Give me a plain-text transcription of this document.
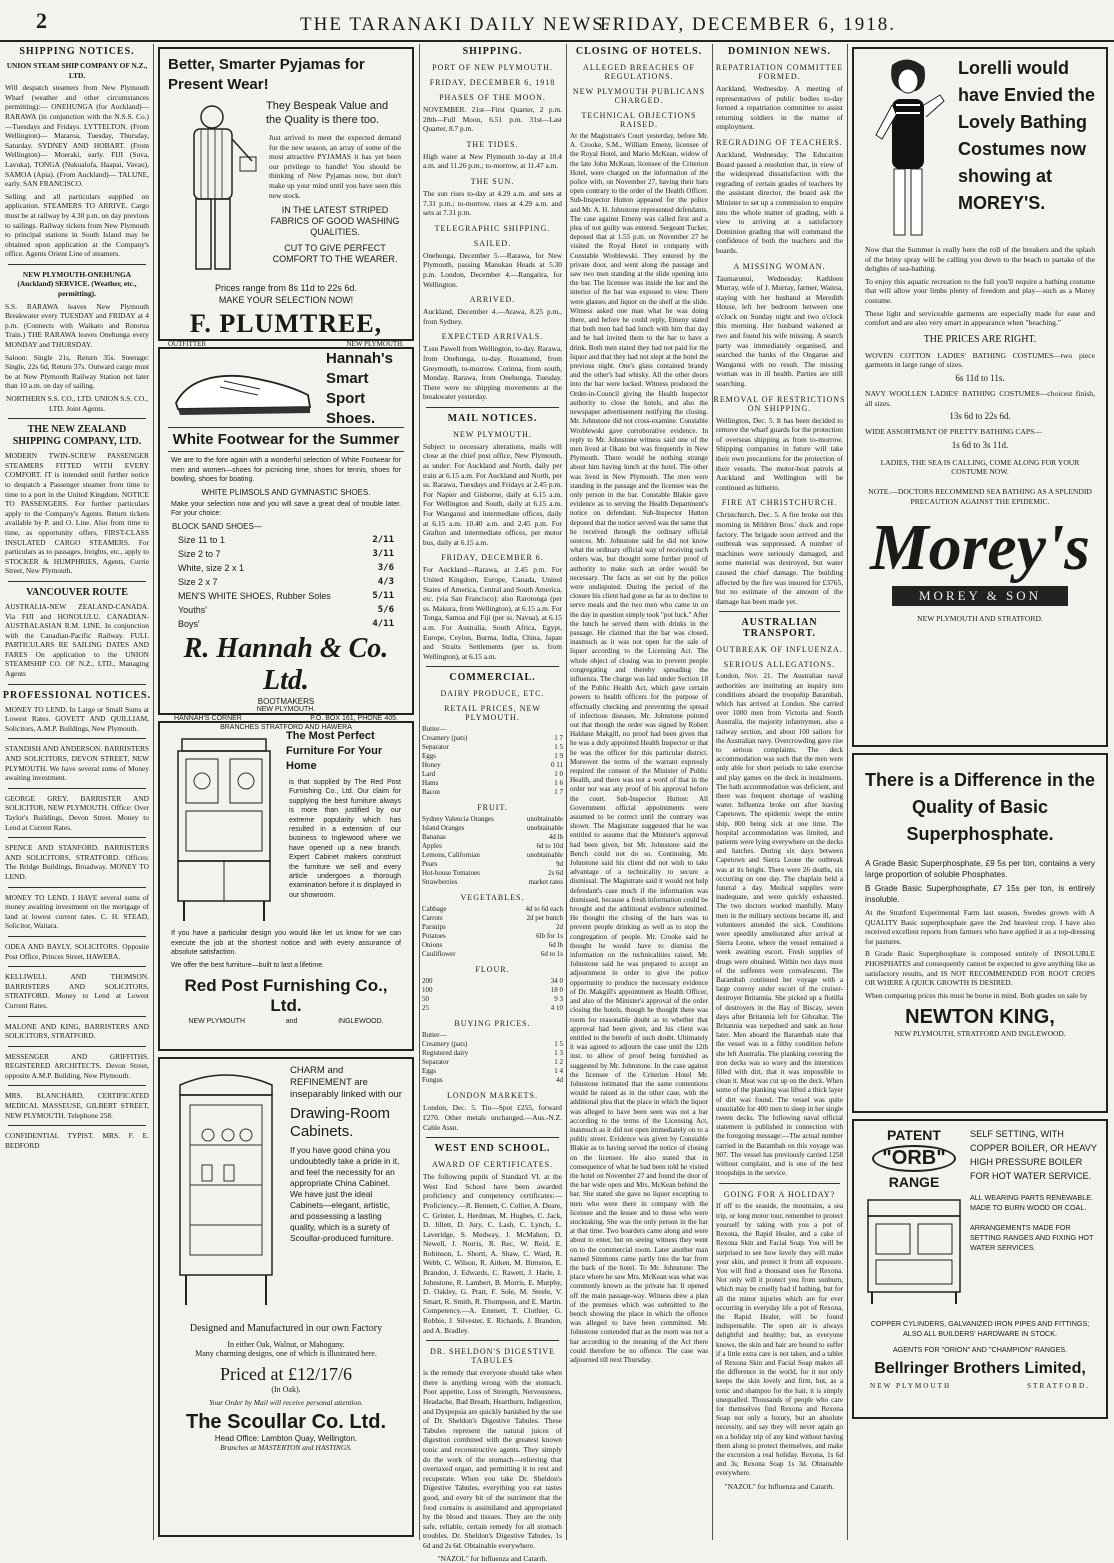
2	THE TARANAKI DAILY NEWS.
FRIDAY, DECEMBER 6, 1918.
SHIPPING NOTICES.
UNION STEAM SHIP COMPANY OF N.Z., LTD.
Will despatch steamers from New Plymouth Wharf (weather and other circumstances permitting):— ONEHUNGA (for Auckland)— RARAWA (in conjunction with the N.S.S. Co.)—Tuesdays and Fridays. LYTTELTON. (From Wellington)— Mararoa, Tuesday, Thursday, Saturday. SYDNEY AND HOBART. (From Wellington)— Moeraki, early. FIJI (Suva, Lavuka), TONGA (Nukualofa, Haapai, Vavau), SAMOA (Apia). (From Auckland)— TALUNE, early. SAN FRANCISCO.
Selling and all particulars supplied on application. STEAMERS TO ARRIVE. Cargo must be at railway by 4.30 p.m. on day previous to sailings. Railway tickets from New Plymouth to principal stations in South Island may be obtained upon application at the Company's office. Agents Orient Line of steamers.
NEW PLYMOUTH-ONEHUNGA (Auckland) SERVICE. (Weather, etc., permitting).
S.S. RARAWA leaves New Plymouth Breakwater every TUESDAY and FRIDAY at 4 p.m. (Connects with Waikato and Rotorua Train.) THE RARAWA leaves Onehunga every MONDAY and THURSDAY.
Saloon: Single 21s, Return 35s. Steerage: Single, 22s 6d, Return 37s. Outward cargo must be at New Plymouth Railway Station not later than 10 a.m. on day of sailing.
NORTHERN S.S. CO., LTD. UNION S.S. CO., LTD. Joint Agents.
THE NEW ZEALAND SHIPPING COMPANY, LTD.
MODERN TWIN-SCREW PASSENGER STEAMERS FITTED WITH EVERY COMFORT. IT is intended until further notice to despatch a Passenger steamer from time to time to a port in the United Kingdom. NOTICE TO PASSENGERS. For further particulars apply to the Company's Agents. Return tickets available by P. and O. Line. Also from time to time, as opportunity offers, FIRST-CLASS INSULATED CARGO STEAMERS. For particulars as to passages, freights, etc., apply to STOCKER & HUMPHRIES, Agents, Currie Street, New Plymouth.
VANCOUVER ROUTE
AUSTRALIA-NEW ZEALAND-CANADA. Via FIJI and HONOLULU. CANADIAN-AUSTRALASIAN R.M. LINE. In conjunction with the Canadian-Pacific Railway. FULL PARTICULARS RE SAILING DATES AND FARES On application to the UNION STEAMSHIP CO. OF N.Z., LTD., Managing Agents
PROFESSIONAL NOTICES.
MONEY TO LEND. In Large or Small Sums at Lowest Rates. GOVETT AND QUILLIAM, Solicitors, A.M.P. Buildings, New Plymouth.
STANDISH AND ANDERSON. BARRISTERS AND SOLICITORS, DEVON STREET, NEW PLYMOUTH. We have several sums of Money awaiting investment.
GEORGE GREY, BARRISTER AND SOLICITOR, NEW PLYMOUTH. Office: Over Taylor's Buildings, Devon Street. Money to Lend at Current Rates.
SPENCE AND STANFORD. BARRISTERS AND SOLICITORS, STRATFORD. Offices: The Bridge Buildings, Broadway. MONEY TO LEND.
MONEY TO LEND. I HAVE several sums of money awaiting investment on the mortgage of land at lowest current rates. C. H. STEAD, Solicitor, Waitara.
ODEA AND BAYLY, SOLICITORS. Opposite Post Office, Princes Street, HAWERA.
KELLIWELL AND THOMSON. BARRISTERS AND SOLICITORS, STRATFORD. Money to Lend at Lowest Current Rates.
MALONE AND KING, BARRISTERS AND SOLICITORS, STRATFORD.
MESSENGER AND GRIFFITHS. REGISTERED ARCHITECTS. Devon Street, opposite A.M.P. Building, New Plymouth.
MRS. BLANCHARD, CERTIFICATED MEDICAL MASSEUSE, GILBERT STREET, NEW PLYMOUTH. Telephone 258.
CONFIDENTIAL TYPIST. MRS. F. E. BEDFORD
Better, Smarter Pyjamas for Present Wear!
They Bespeak Value and the Quality is there too.
Just arrived to meet the expected demand for the new season, an array of some of the most attractive PYJAMAS it has yet been our privilege to handle! You should be thinking of New Pyjamas now, but don't make up your mind until you have seen this new stock.
IN THE LATEST STRIPED FABRICS OF GOOD WASHING QUALITIES.
CUT TO GIVE PERFECT COMFORT TO THE WEARER.
Prices range from 8s 11d to 22s 6d.
MAKE YOUR SELECTION NOW!
F. PLUMTREE,
OUTFITTER	NEW PLYMOUTH.
Hannah's Smart Sport Shoes.
White Footwear for the Summer
We are to the fore again with a wonderful selection of White Footwear for men and women—shoes for picnicing time, shoes for tennis, shoes for bowling, shoes for boating.
WHITE PLIMSOLS AND GYMNASTIC SHOES.
Make your selection now and you will save a great deal of trouble later. For your choice:
BLOCK SAND SHOES—
Size 11 to 1	2/11
Size 2 to 7	3/11
White, size 2 x 1	3/6
Size 2 x 7	4/3
MEN'S WHITE SHOES, Rubber Soles	5/11
Youths'	5/6
Boys'	4/11
R. Hannah & Co. Ltd.
BOOTMAKERS
NEW PLYMOUTH.
HANNAH'S CORNER	P.O. BOX 161, PHONE 405.
BRANCHES STRATFORD AND HAWERA
The Most Perfect Furniture For Your Home
is that supplied by The Red Post Furnishing Co., Ltd. Our claim for supplying the best furniture always is more than justified by our extreme popularity which has resulted in a extension of our business to Inglewood where we have opened up a new branch. Expert Cabinet makers construct the furniture we sell and every article undergoes a thorough examination before it is displayed in our showroom.
If you have a particular design you would like let us know for we can execute the job at the shortest notice and with every assurance of absolute satisfaction.
We offer the best furniture—built to last a lifetime.
Red Post Furnishing Co., Ltd.
NEW PLYMOUTH	and	INGLEWOOD.
CHARM and REFINEMENT are inseparably linked with our
Drawing-Room Cabinets.
If you have good china you undoubtedly take a pride in it, and feel the necessity for an appropriate China Cabinet. We have just the ideal Cabinets—elegant, artistic, and possessing a lasting quality, which is a surety of Scoullar-produced furniture.
Designed and Manufactured in our own Factory
In either Oak, Walnut, or Mahogany.
Many charming designs, one of which is illustrated here.
Priced at £12/17/6
(In Oak).
Your Order by Mail will receive personal attention.
The Scoullar Co. Ltd.
Head Office: Lambton Quay, Wellington.
Branches at MASTERTON and HASTINGS.
SHIPPING.
PORT OF NEW PLYMOUTH.
FRIDAY, DECEMBER 6, 1918
PHASES OF THE MOON.
NOVEMBER. 21st—First Quarter, 2 p.m. 28th—Full Moon, 6.51 p.m. 31st—Last Quarter, 8.7 p.m.
THE TIDES.
High water at New Plymouth to-day at 10.4 a.m. and 11.26 p.m.; to-morrow, at 11.47 a.m.
THE SUN.
The sun rises to-day at 4.29 a.m. and sets at 7.31 p.m.; to-morrow, rises at 4.29 a.m. and sets at 7.31 p.m.
TELEGRAPHIC SHIPPING.
SAILED.
Onehunga, December 5.—Rarawa, for New Plymouth, passing Manukau Heads at 5.30 p.m. London, December 4.—Rangatira, for Wellington.
ARRIVED.
Auckland, December 4.—Arawa, 8.25 p.m., from Sydney.
EXPECTED ARRIVALS.
T.ssn Pawell from Wellington, to-day. Rarawa, from Onehunga, to-day. Rosamond, from Greymouth, to-morrow. Corinna, from south, Monday. Rarawa, from Onehunga, Tuesday. There were no shipping movements at the breakwater yesterday.
MAIL NOTICES.
NEW PLYMOUTH.
Subject to necessary alterations, mails will close at the chief post office, New Plymouth, as under: For Auckland and North, daily per train at 6.15 a.m. For Auckland and North, per ss. Rarawa, Tuesdays and Fridays at 2.45 p.m. For Napier and Gisborne, daily at 6.15 a.m. For Wellington and South, daily at 6.15 a.m. For Wanganui and intermediate offices, daily at 6.15 a.m. 10.40 a.m. and 2.45 p.m. For Grafton and intermediate offices, per motor bus, daily at 6.15 a.m.
FRIDAY, DECEMBER 6.
For Auckland—Rarawa, at 2.45 p.m. For United Kingdom, Europe, Canada, United States of America, Central and South America, etc. (via San Francisco): also Rarotonga (per ss. Makura, from Wellington), at 6.15 a.m. For Tonga, Samoa and Fiji (per ss. Navua), at 6.15 a.m. For Australia, South Africa, Egypt, Europe, Ceylon, Burma, India, China, Japan and Straits Settlements (per ss. from Wellington), at 6.15 a.m.
COMMERCIAL.
DAIRY PRODUCE, ETC.
RETAIL PRICES, NEW PLYMOUTH.
Butter—	
Creamery (pats)	1 7
Separator	1 5
Eggs	1 9
Honey	0 11
Lard	1 0
Hams	1 6
Bacon	1 7
FRUIT.
Sydney Valencia Oranges	unobtainable
Island Oranges	unobtainable
Bananas	4d lb
Apples	6d to 10d
Lemons, Californian	unobtainable
Pears	9d
Hot-house Tomatoes	2s 6d
Strawberries	market rates
VEGETABLES.
Cabbage	4d to 6d each
Carrots	2d per bunch
Parsnips	2d
Potatoes	6lb for 1s
Onions	6d lb
Cauliflower	6d to 1s
FLOUR.
200	34 0
100	18 0
50	9 3
25	4 10
BUYING PRICES.
Butter—	
Creamery (pats)	1 5
Registered dairy	1 3
Separator	1 2
Eggs	1 4
Fungus	4d
LONDON MARKETS.
London, Dec. 5. Tin—Spot £255, forward £270. Other metals unchanged.—Aus.-N.Z. Cable Assn.
WEST END SCHOOL.
AWARD OF CERTIFICATES.
The following pupils of Standard VI. at the West End School have been awarded proficiency and competency certificates:— Proficiency.—R. Bennett, C. Collier, A. Deare, C. Grinter, L. Herdman, M. Hughes, C. Jack, D. Jillett, D. Jury, C. Lash, C. Lynch, L. Laveridge, S. Medway, J. McMahon, D. Newell, J. Norris, R. Rec, W. Reid, E. Robinson, L. Shortt, A. Shaw, C. Ward, R. Webb, C. Wilson, R. Aitken, M. Birnston, E. Brandon, J. Edwards, C. Rawett, J. Harle, I. Johnstone, R. Lambert, B. Morris, E. Murphy, D. Oakley, G. Pratt, F. Sole, M. Steele, V. Smart, R. Smith, R. Thompson, and E. Martin. Competency.—A. Emmett, T. Clothier, G. Robbie, J. Silvester, E. Richards, J. Brandon, and A. Bradley.
DR. SHELDON'S DIGESTIVE TABULES
is the remedy that everyone should take when there is anything wrong with the stomach. Poor appetite, Loss of Strength, Nervousness, Headache, Bad Breath, Heartburn, Indigestion, and Dyspepsia are quickly banished by the use of Dr. Sheldon's Digestive Tabules. These Tabules represent the natural juices of digestion combined with the greatest known tonic and reconstructive agents. They simply do the work of the stomach—relieving that overtaxed organ, and permitting it to rest and recuperate. When you take Dr. Sheldon's Digestive Tabules, everything you eat tastes good, and every bit of the nutriment that the food contains is assimilated and appropriated by the blood and tissues. They are the only safe, reliable, certain remedy for all stomach troubles. Dr. Sheldon's Digestive Tabules, 1s 6d and 2s 6d. Obtainable everywhere.
"NAZOL" for Influenza and Catarrh.
CLOSING OF HOTELS.
ALLEGED BREACHES OF REGULATIONS.
NEW PLYMOUTH PUBLICANS CHARGED.
TECHNICAL OBJECTIONS RAISED.
At the Magistrate's Court yesterday, before Mr. A. Crooke, S.M., William Emeny, licensee of the Royal Hotel, and Mario McKean, widow of the late John McKean, licensee of the Criterion Hotel, were charged on the information of the police with, on November 27, having their bars open contrary to the order of the Health Officer. Sub-Inspector Hutton appeared for the police and Mr. A. H. Johnstone represented defendants. The case against Emeny was called first and a plea of not guilty was entered. Sergeant Tucker, deposed that at 1.55 p.m. on November 27 he visited the Royal Hotel in company with Constable Wroblewski. They entered by the private door, and went along the passage and saw two men standing at the slide opening into the bar. The licensee was inside the bar and the interior of the bar was exposed to view. There were glasses and liquor on the shelf at the slide. Witness asked one man what he was doing there, and before he could reply, Emeny stated that both men had had lunch with him that day and he had invited them to the bar to have a drink. Both men stated they had not paid for the liquor and that they had not slept at the hotel the previous night. One's glass contained brandy and the other's had whisky. All the other doors into the bar were locked. Witness produced the Order-in-Council giving the Health Inspector authority to close the hotels, and also the newspaper advertisement notifying the closing. Mr. Johnstone did not cross-examine. Constable Wroblewski gave corroborative evidence. In reply to Mr. Johnstone witness said one of the men lived at Okato but was frequently in New Plymouth. There would be nothing strange about him having lunch at the hotel. The other was lived in New Plymouth. The men were standing in the passage and the licensee was the only person in the bar. Constable Blakie gave evidence as to serving the Health Department's notice on defendant. Sub-Inspector Hutton deposed that the notice served was the same that he received through the ordinary official sources. Mr. Johnstone said he did not know what the ordinary official way of receiving such orders was, but thought some further proof of authority to make such an order would be necessary. The facts as set out by the police were undisputed. During the period of the closure his client had gone as far as to decline to serve meals and the two men who came in on the day in question simply took "pot luck." After the lunch he served them with drinks in the passage. He claimed that the bar was closed, inasmuch as it was not open for the sale of liquor according to the Licensing Act. The whole object of closing was to prevent people congregating and thereby spreading the influenza. The charge was laid under Section 18 of the Public Health Act, which gave certain powers to health officers for the purpose of effectually checking and preventing the spread of infectious diseases. Mr. Johnstone pointed out that though the order was signed by Robert Haldane Makgill, no proof had been given that he was a duly appointed Health Inspector or that he was the officer for this particular district. Moreover the terms of the warrant expressly required the consent of the Minister of Public Health, and there was not a word of that in the order nor was any proof of his approval before the court. Sub-Inspector Hutton: All Government official appointments were assumed to be correct until the contrary was shown. The Magistrate suggested that he was entitled to assume that the Minister's approval had been given, but Mr. Johnstone said the Bench could not do so. Continuing, Mr. Johnstone said his client did not wish to take advantage of a technicality to secure a dismissal. The Magistrate said it would not help defendant's case much if the information was dismissed, because a fresh information could be brought and the additional evidence submitted. He thought the closing of the bars was to prevent people drinking as well as to stop the congregation of people. Mr. Crooke said he thought he would have to dismiss the information on the technicalities raised. Mr. Johnstone said he was prepared to accept an adjournment in order to give the police opportunity to produce the necessary evidence of Dr. Makgill's appointment as Health Officer, and also of the Minister's approval of the order closing the hotels, though he thought there was room for reasonable doubt as to whether that approval had been given, and his client was entitled to the benefit of such doubt. Ultimately it was agreed to adjourn the case until the 12th inst. to allow of proof being furnished as suggested by Mr. Johnstone. In the case against the licensee of the Criterion Hotel Mr. Johnstone intimated that the same contentions would be raised as in the other case, with the additional plea that the place in which the liquor was alleged to have been seen was not a bar according to the terms of the Licensing Act, inasmuch as it did not open immediately on to a public street. Evidence was given by Constable Blakie as to having served the notice of closing on the licensee. He also stated that in consequence of what he had been told he visited the hotel on November 27 and found the door of the bar wide open and Mrs. McKean behind the bar. She stated she gave no liquor excepting to men who were there in company with the licensee and the lessee and to those who were stocktaking. She was the only person in the bar at that time. Two boarders came along and were about to enter, but on seeing witness they went on to the commercial room. Later another man named Simmons came partly into the bar from the back of the hotel. To Mr. Johnstone: The place where he saw Mrs. McKean was what was commonly known as the private bar. It opened off the main passage-way. Witness drew a plan of the premises which was submitted to the bench showing the place in which the offence was alleged to have been committed. Mr. Johnstone contended that as the room was not a bar according to the meaning of the Act there could therefore be no offence. The case was adjourned till next Thursday.
DOMINION NEWS.
REPATRIATION COMMITTEE FORMED.
Auckland, Wednesday. A meeting of representatives of public bodies to-day formed a repatriation committee to assist returning soldiers in the matter of employment.
REGRADING OF TEACHERS.
Auckland, Wednesday. The Education Board passed a resolution that, in view of the widespread dissatisfaction with the regrading of certain grades of teachers by the assistant director, the board ask the Minister to set up a commission to enquire into the whole matter of grading, with a view to arriving at a satisfactory Dominion grading that will command the confidence of both the teachers and the boards.
A MISSING WOMAN.
Taumarunui, Wednesday. Kathleen Murray, wife of J. Murray, farmer, Waitoa, staying with her husband at Meredith House, left her bedroom between one o'clock on Sunday night and two o'clock this morning. Her husband wakened at two and found his wife missing. A search party was immediately organised, and searched the banks of the Ongarue and Wanganui with no result. The missing woman was in ill health. Parties are still searching.
REMOVAL OF RESTRICTIONS ON SHIPPING.
Wellington, Dec. 5. It has been decided to remove the wharf guards for the protection of overseas shipping as from to-morrow. Shipping companies in future will take their own precautions for the protection of their vessels. The motor-boat patrols at Auckland and Wellington will be continued as hitherto.
FIRE AT CHRISTCHURCH.
Christchurch, Dec. 5. A fire broke out this morning in Mildren Bros.' dock and rope factory. The brigade soon arrived and the outbreak was suppressed. A number of machines were seriously damaged, and some material was destroyed, but water caused the chief damage. The building affected by the fire was insured for £3765, but no estimate of the amount of the damage has been made yet.
AUSTRALIAN TRANSPORT.
OUTBREAK OF INFLUENZA.
SERIOUS ALLEGATIONS.
London, Nov. 21. The Australian naval authorities are instituting an inquiry into conditions aboard the troopship Barambah, which has arrived at London. She carried over 1000 men from Victoria and South Australia, the majority infantrymen, also a railway section, and about 100 sailors for the Australian navy. Overcrowding gave rise to serious complaints. The deck accommodation was such that the men were only able for short periods to take exercise and play games on the deck in instalments. The bath accommodation was deficient, and there was frequent shortage of washing water. Influenza broke out after leaving Capetown. The epidemic swept the entire ship, 800 being sick at one time. The hospital accommodation was limited, and patients were lying everywhere on the decks and hatches. During six days between Capetown and Sierra Leone the outbreak was at its height. There were 26 deaths, six occurring on one day. The chaplain held a funeral a day. Medical supplies were inadequate, and were quickly exhausted. The two doctors worked manfully. Many men in the military sections became ill, and volunteers attended the sick. Conditions were speedily ameliorated after arrival at Sierra Leone, where the vessel remained a week awaiting escort. Fresh supplies of drugs were obtained. Within two days most of the sufferers were convalescent. The Barambah continued her voyage with a large convoy under escort of the cruiser-destroyer Britannia. She picked up a flotilla of destroyers in the Bay of Biscay, seven days after Britannia left for Gibraltar. The Britannia was torpedoed and sank an hour later. Men aboard the Barambah state that the vessel was in a filthy condition before she left Australia. The planking covering the iron decks was so wavy and the interstices filled with dirt, that it was impossible to clean it. Meat was cut up on the deck. When some of the planking was lifted a thick layer of dirt was found. The vessel was quite unsuitable for 400 men to sleep in her single tween decks. The following naval official statement is published in connection with the foregoing message:—The actual number carried in the Barambah on this voyage was 907. The vessel has previously carried 1258 without complaint, and is one of the best troopships in the service.
GOING FOR A HOLIDAY?
If off to the seaside, the mountains, a sea trip, or long motor tour, remember to protect yourself by taking with you a pot of Rexona, the Rapid Healer, and a cake of Rexona Skin and Facial Soap. You will be surprised to see how lovely they will make your skin, and protect it from all exposure. You will find a thousand uses for Rexona. Not only will it protect you from sunburn, which may be cruelly bad if bathing, but for all the minor injuries which are for ever occurring in everyday life a pot of Rexona, the Rapid Healer, will be found indispensable. The open air is always delightful and healthy; but, as everyone knows, the skin and hair are bound to suffer if a little extra care is not taken, and a tablet of Rexona Skin and Facial Soap makes all the difference in the world, for it not only keeps the skin lovely and firm, but, as a tonic and shampoo for the hair, it is simply unequalled. Thousands of people who care for themselves find Rexona and Rexona Soap not only a luxury, but an absolute necessity, and say they will never again go on a holiday trip of any kind without having them along to protect themselves, and make the excursion a real holiday. Rexona, 1s 6d and 3s; Rexona Soap 1s 3d. Obtainable everywhere.
"NAZOL" for Influenza and Catarrh.
Lorelli would have Envied the Lovely Bathing Costumes now showing at MOREY'S.
Now that the Summer is really here the roll of the breakers and the splash of the briny spray will be calling you down to the beach to partake of the delights of sea-bathing.
To enjoy this aquatic recreation to the full you'll require a bathing costume that will allow your limbs plenty of freedom and play—such as a Morey costume.
These light and serviceable garments are especially made for ease and comfort and are also very smart in appearance when "beaching."
THE PRICES ARE RIGHT.
WOVEN COTTON LADIES' BATHING COSTUMES—two piece garments in large range of sizes.
6s 11d to 11s.
NAVY WOOLLEN LADIES' BATHING COSTUMES—choicest finish, all sizes.
13s 6d to 22s 6d.
WIDE ASSORTMENT OF PRETTY BATHING CAPS—
1s 6d to 3s 11d.
LADIES, THE SEA IS CALLING, COME ALONG FOR YOUR COSTUME NOW.
NOTE.—DOCTORS RECOMMEND SEA BATHING AS A SPLENDID PRECAUTION AGAINST THE EPIDEMIC.
Morey's
MOREY & SON
NEW PLYMOUTH AND STRATFORD.
There is a Difference in the Quality of Basic Superphosphate.
A Grade Basic Superphosphate, £9 5s per ton, contains a very large proportion of soluble Phosphates.
B Grade Basic Superphosphate, £7 15s per ton, is entirely insoluble.
At the Stratford Experimental Farm last season, Swedes grown with A QUALITY Basic superphosphate gave the 2nd heaviest crop. I have also received excellent reports from farmers who have applied it as a top-dressing for pastures.
B Grade Basic Superphosphate is composed entirely of INSOLUBLE PHOSPHATES and consequently cannot be expected to give anything like as satisfactory results, and IS NOT RECOMMENDED FOR ROOT CROPS OR WHERE A QUICK GROWTH IS DESIRED.
When comparing prices this must be borne in mind. Both grades on sale by
NEWTON KING,
NEW PLYMOUTH, STRATFORD AND INGLEWOOD.
PATENT
"ORB"
RANGE
SELF SETTING, WITH COPPER BOILER, OR HEAVY HIGH PRESSURE BOILER FOR HOT WATER SERVICE.
ALL WEARING PARTS RENEWABLE. MADE TO BURN WOOD OR COAL.
ARRANGEMENTS MADE FOR SETTING RANGES AND FIXING HOT WATER SERVICES.
COPPER CYLINDERS, GALVANIZED IRON PIPES AND FITTINGS; ALSO ALL BUILDERS' HARDWARE IN STOCK.
AGENTS FOR "ORION" AND "CHAMPION" RANGES.
Bellringer Brothers Limited,
NEW PLYMOUTH	STRATFORD.
